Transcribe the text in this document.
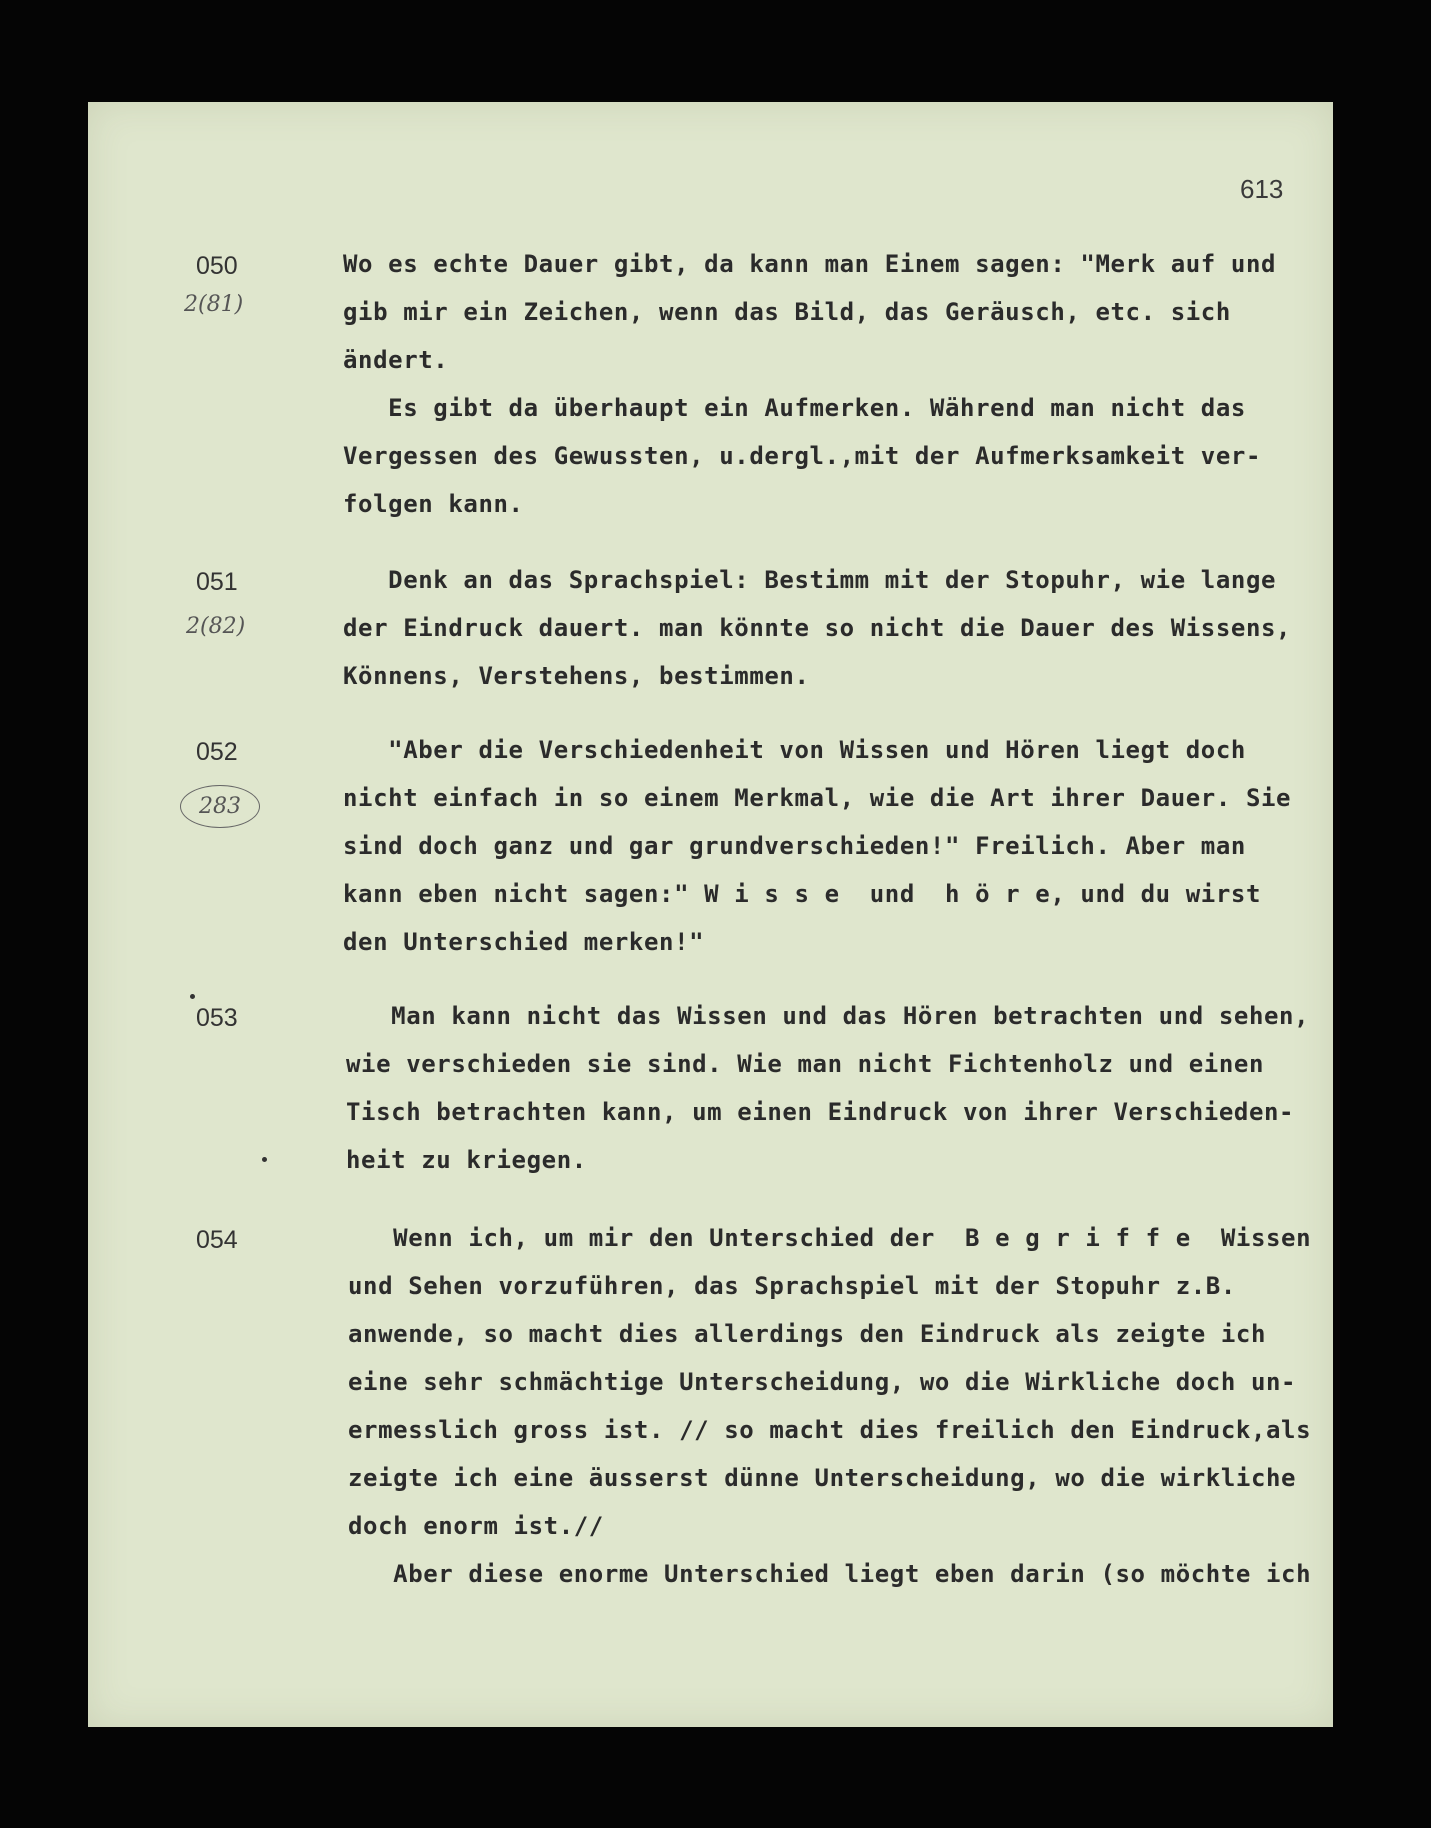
613
050
2(81)
Wo es echte Dauer gibt, da kann man Einem sagen: "Merk auf und
gib mir ein Zeichen, wenn das Bild, das Geräusch, etc. sich
ändert.
Es gibt da überhaupt ein Aufmerken. Während man nicht das
Vergessen des Gewussten, u.dergl.,mit der Aufmerksamkeit ver-
folgen kann.
051
2(82)
Denk an das Sprachspiel: Bestimm mit der Stopuhr, wie lange
der Eindruck dauert. man könnte so nicht die Dauer des Wissens,
Könnens, Verstehens, bestimmen.
052
283
"Aber die Verschiedenheit von Wissen und Hören liegt doch
nicht einfach in so einem Merkmal, wie die Art ihrer Dauer. Sie
sind doch ganz und gar grundverschieden!" Freilich. Aber man
kann eben nicht sagen:" W i s s e  und  h ö r e, und du wirst
den Unterschied merken!"
053	Man kann nicht das Wissen und das Hören betrachten und sehen,
wie verschieden sie sind. Wie man nicht Fichtenholz und einen
Tisch betrachten kann, um einen Eindruck von ihrer Verschieden-
heit zu kriegen.
054	Wenn ich, um mir den Unterschied der  B e g r i f f e  Wissen
und Sehen vorzuführen, das Sprachspiel mit der Stopuhr z.B.
anwende, so macht dies allerdings den Eindruck als zeigte ich
eine sehr schmächtige Unterscheidung, wo die Wirkliche doch un-
ermesslich gross ist. // so macht dies freilich den Eindruck,als
zeigte ich eine äusserst dünne Unterscheidung, wo die wirkliche
doch enorm ist.//
Aber diese enorme Unterschied liegt eben darin (so möchte ich
